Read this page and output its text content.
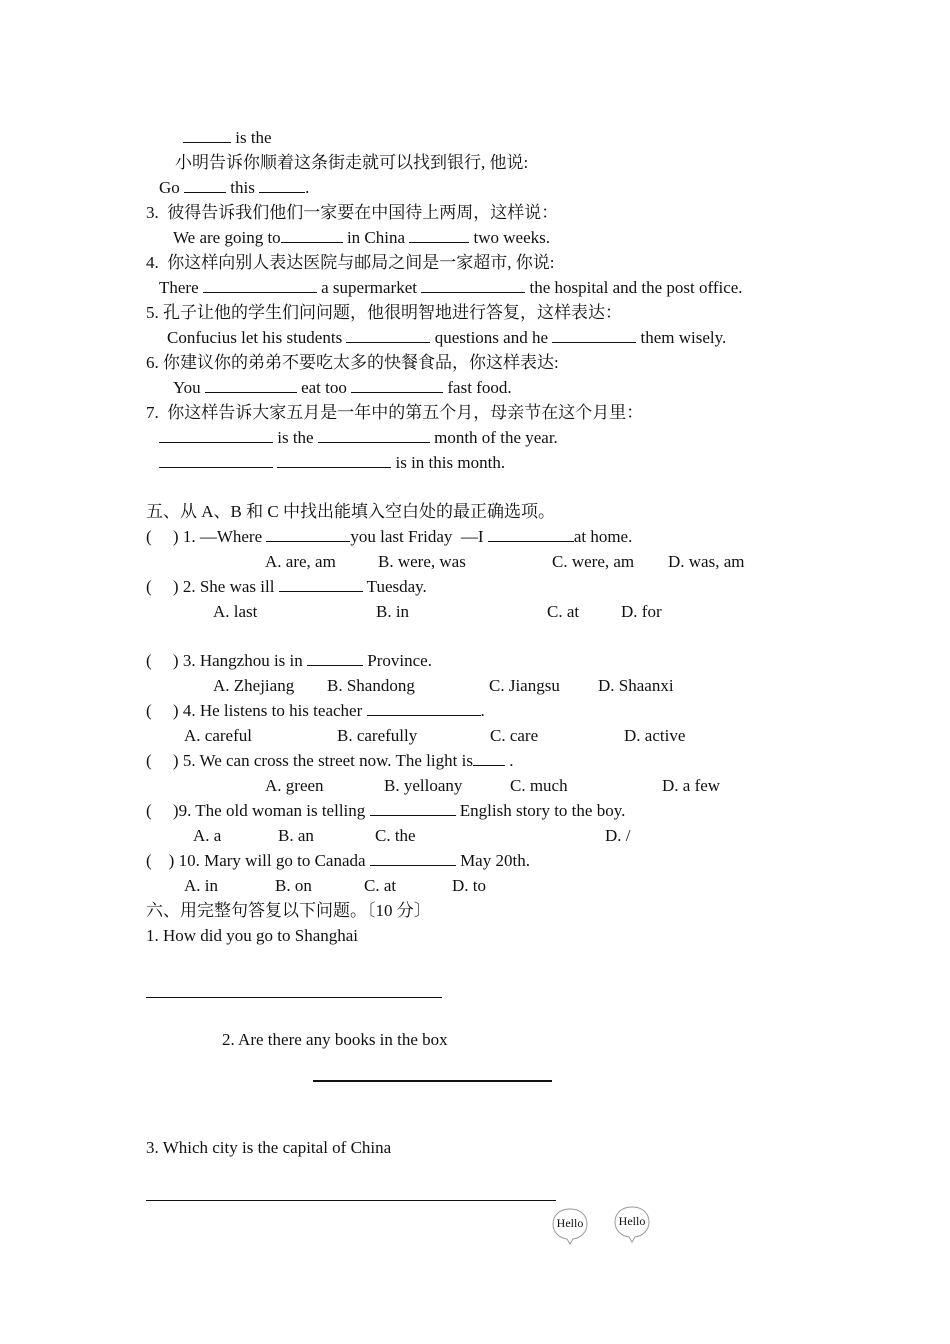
is the
小明告诉你顺着这条街走就可以找到银行, 他说:
Go	this	.
3.  彼得告诉我们他们一家要在中国待上两周，这样说：
We are going to	in China	two weeks.
4.  你这样向别人表达医院与邮局之间是一家超市, 你说:
There	a supermarket	the hospital and the post office.
5. 孔子让他的学生们问问题，他很明智地进行答复，这样表达：
Confucius let his students	questions and he	them wisely.
6. 你建议你的弟弟不要吃太多的快餐食品，你这样表达:
You	eat too	fast food.
7.  你这样告诉大家五月是一年中的第五个月，母亲节在这个月里：
is the	month of the year.
is in this month.
五、从 A、B 和 C 中找出能填入空白处的最正确选项。
( ) 1. —Where	you last Friday  —I	at home.
A. are, am B. were, was	C. were, am D. was, am
( ) 2. She was ill	Tuesday.
A. last	B. in	C. at D. for
( ) 3. Hangzhou is in	Province.
A. Zhejiang B. Shandong	C. Jiangsu D. Shaanxi
( ) 4. He listens to his teacher	.
A. careful	B. carefully	C. care	D. active
( ) 5. We can cross the street now. The light is .
A. green	B. yelloany	C. much	D. a few
( )9. The old woman is telling	English story to the boy.
A. a	B. an	C. the	D. /
( ) 10. Mary will go to Canada	May 20th.
A. in	B. on	C. at	D. to
六、用完整句答复以下问题。〔10 分〕
1. How did you go to Shanghai
2. Are there any books in the box
3. Which city is the capital of China
Hello	Hello
